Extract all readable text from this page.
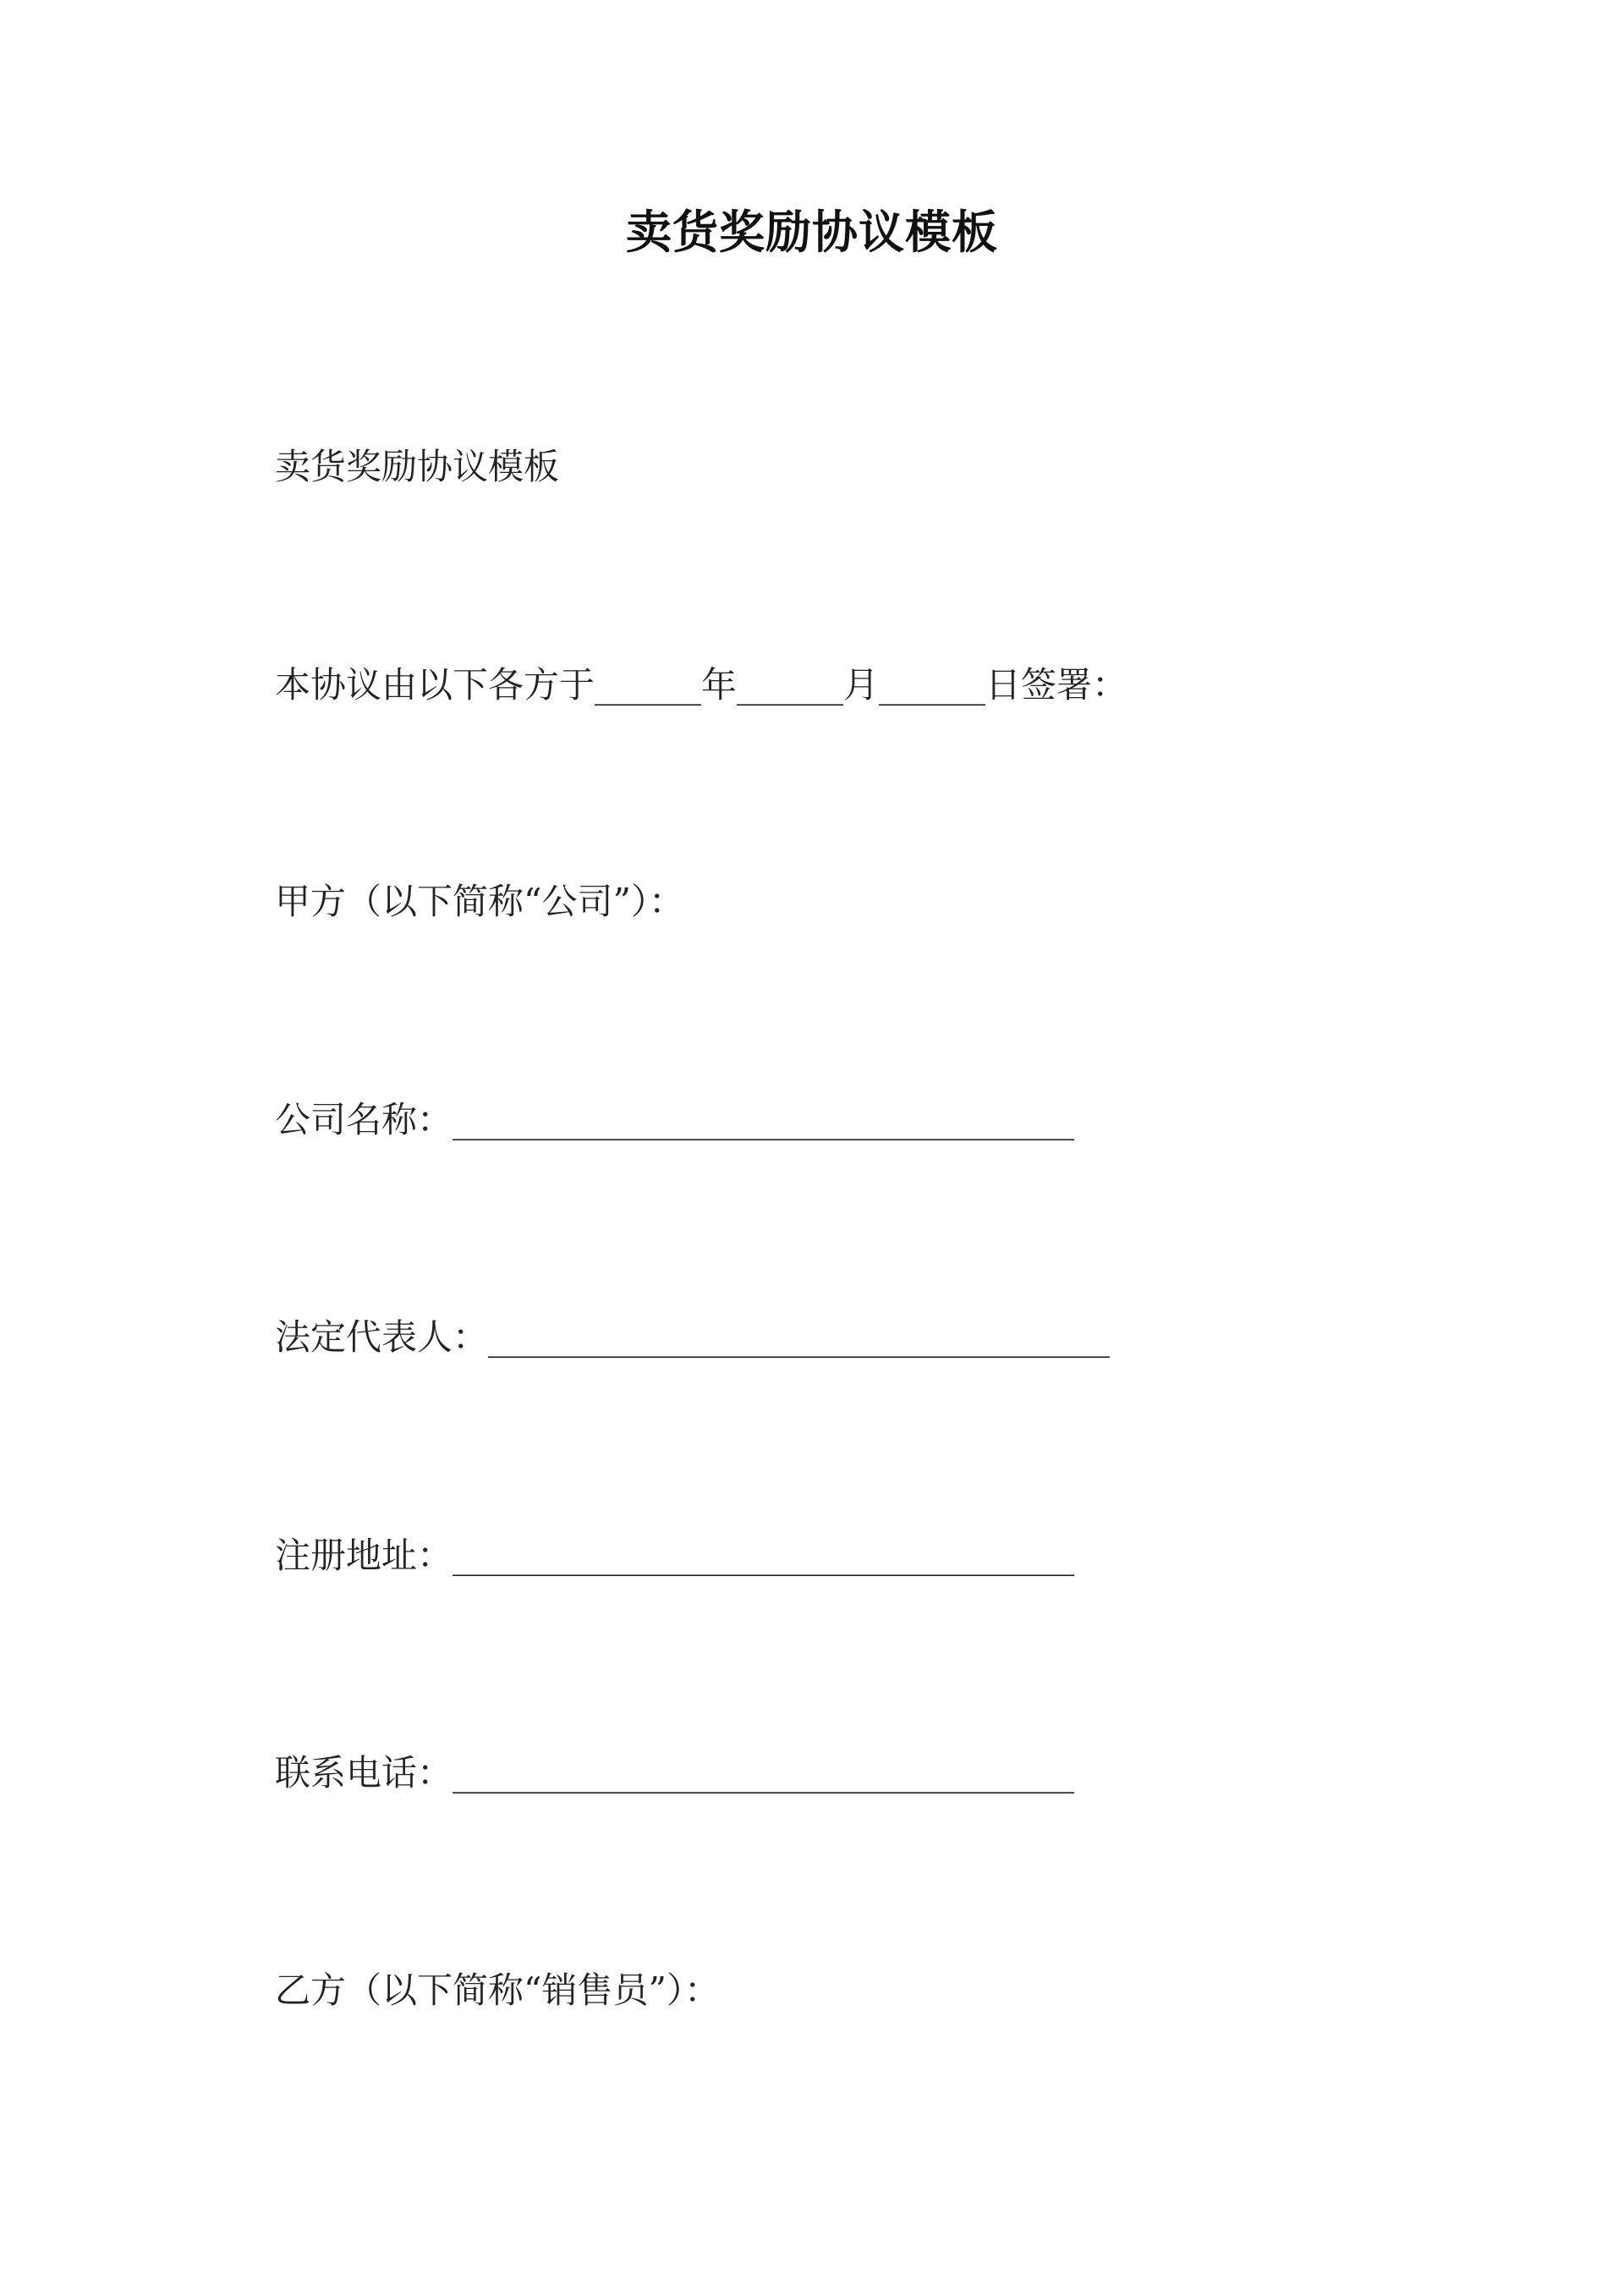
卖货奖励协议模板
卖货奖励协议模板
本协议由以下各方于______年______月______日签署：
甲方（以下简称“公司”）：
公司名称：___________________________________
法定代表人：___________________________________
注册地址：___________________________________
联系电话：___________________________________
乙方（以下简称“销售员”）：
